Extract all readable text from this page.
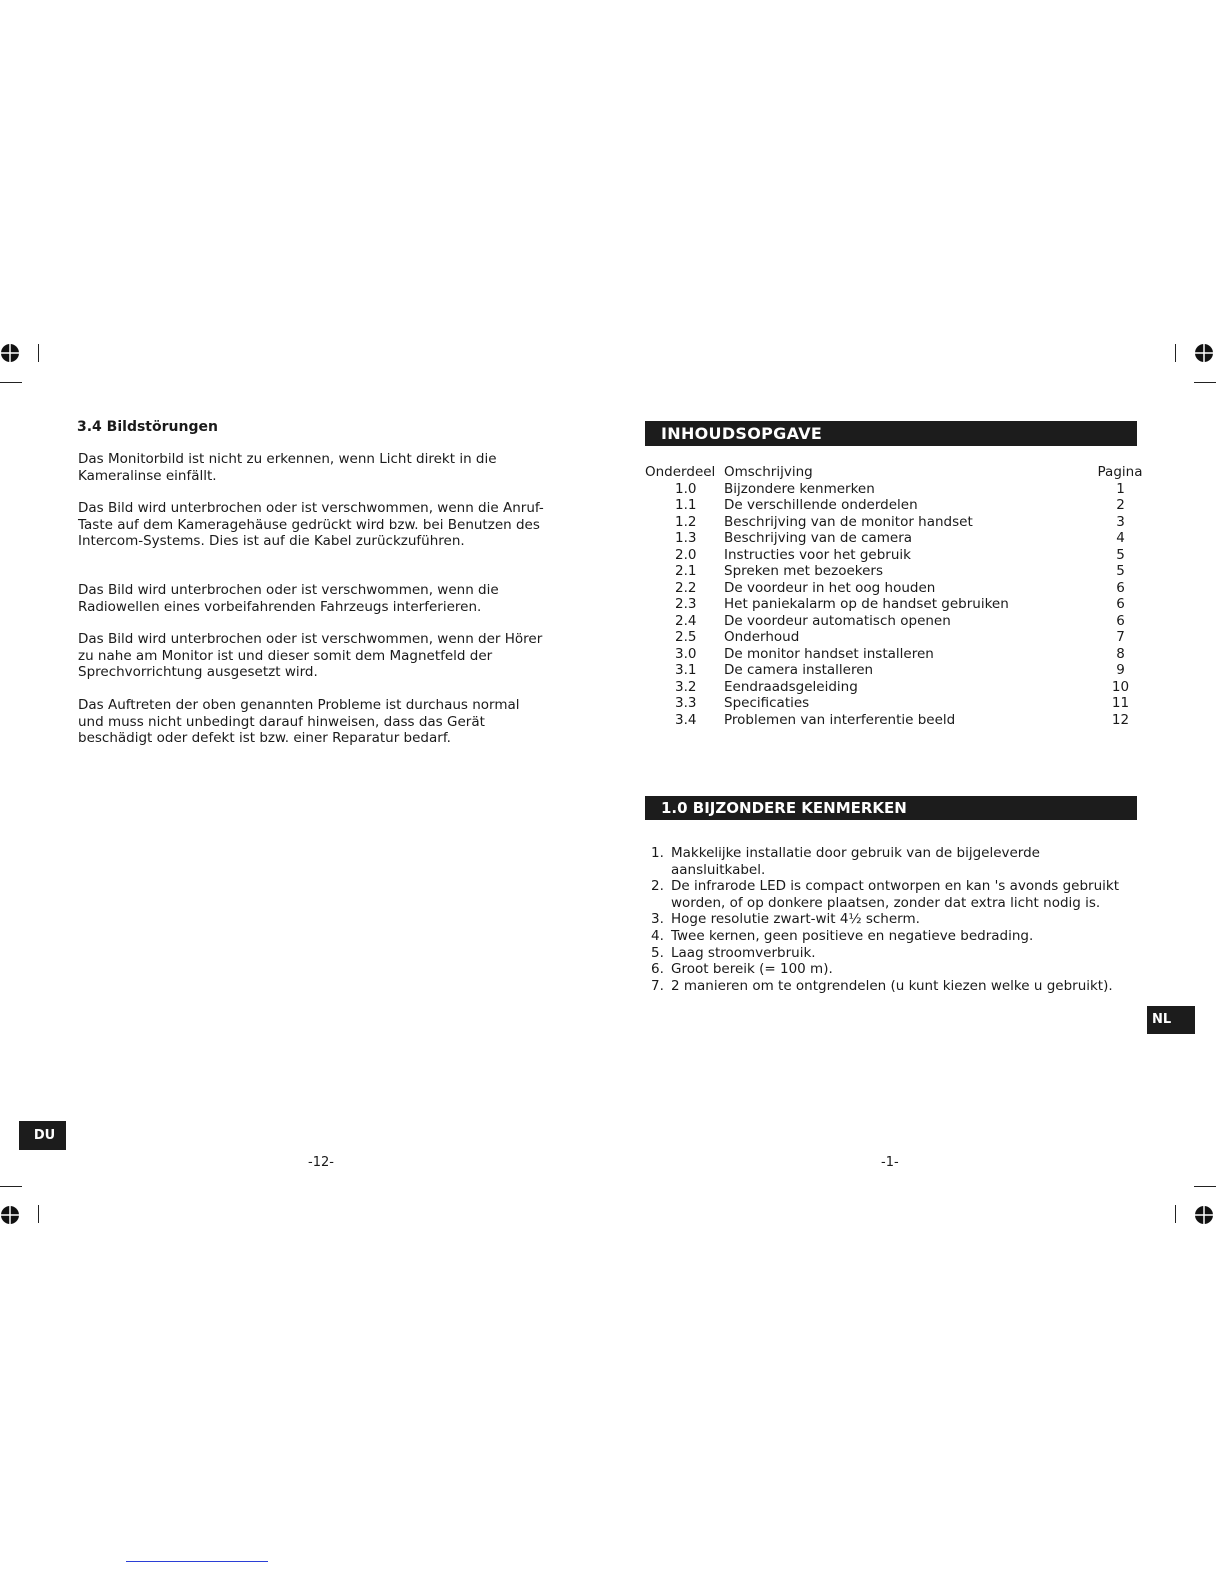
3.4 Bildstörungen

Das Monitorbild ist nicht zu erkennen, wenn Licht direkt in die Kameralinse einfällt.

Das Bild wird unterbrochen oder ist verschwommen, wenn die Anruf-Taste auf dem Kameragehäuse gedrückt wird bzw. bei Benutzen des Intercom-Systems. Dies ist auf die Kabel zurückzuführen.

Das Bild wird unterbrochen oder ist verschwommen, wenn die Radiowellen eines vorbeifahrenden Fahrzeugs interferieren.

Das Bild wird unterbrochen oder ist verschwommen, wenn der Hörer zu nahe am Monitor ist und dieser somit dem Magnetfeld der Sprechvorrichtung ausgesetzt wird.

Das Auftreten der oben genannten Probleme ist durchaus normal und muss nicht unbedingt darauf hinweisen, dass das Gerät beschädigt oder defekt ist bzw. einer Reparatur bedarf.

DU
-12-
INHOUDSOPGAVE
Onderdeel Omschrijving	Pagina
1.0 Bijzondere kenmerken	1
1.1 De verschillende onderdelen	2
1.2 Beschrijving van de monitor handset	3
1.3 Beschrijving van de camera	4
2.0 Instructies voor het gebruik	5
2.1 Spreken met bezoekers	5
2.2 De voordeur in het oog houden	6
2.3 Het paniekalarm op de handset gebruiken	6
2.4 De voordeur automatisch openen	6
2.5 Onderhoud	7
3.0 De monitor handset installeren	8
3.1 De camera installeren	9
3.2 Eendraadsgeleiding	10
3.3 Specificaties	11
3.4 Problemen van interferentie beeld	12
1.0 BIJZONDERE KENMERKEN
1. Makkelijke installatie door gebruik van de bijgeleverde aansluitkabel.
2. De infrarode LED is compact ontworpen en kan 's avonds gebruikt worden, of op donkere plaatsen, zonder dat extra licht nodig is.
3. Hoge resolutie zwart-wit 4½ scherm.
4. Twee kernen, geen positieve en negatieve bedrading.
5. Laag stroomverbruik.
6. Groot bereik (= 100 m).
7. 2 manieren om te ontgrendelen (u kunt kiezen welke u gebruikt).
NL
-1-
